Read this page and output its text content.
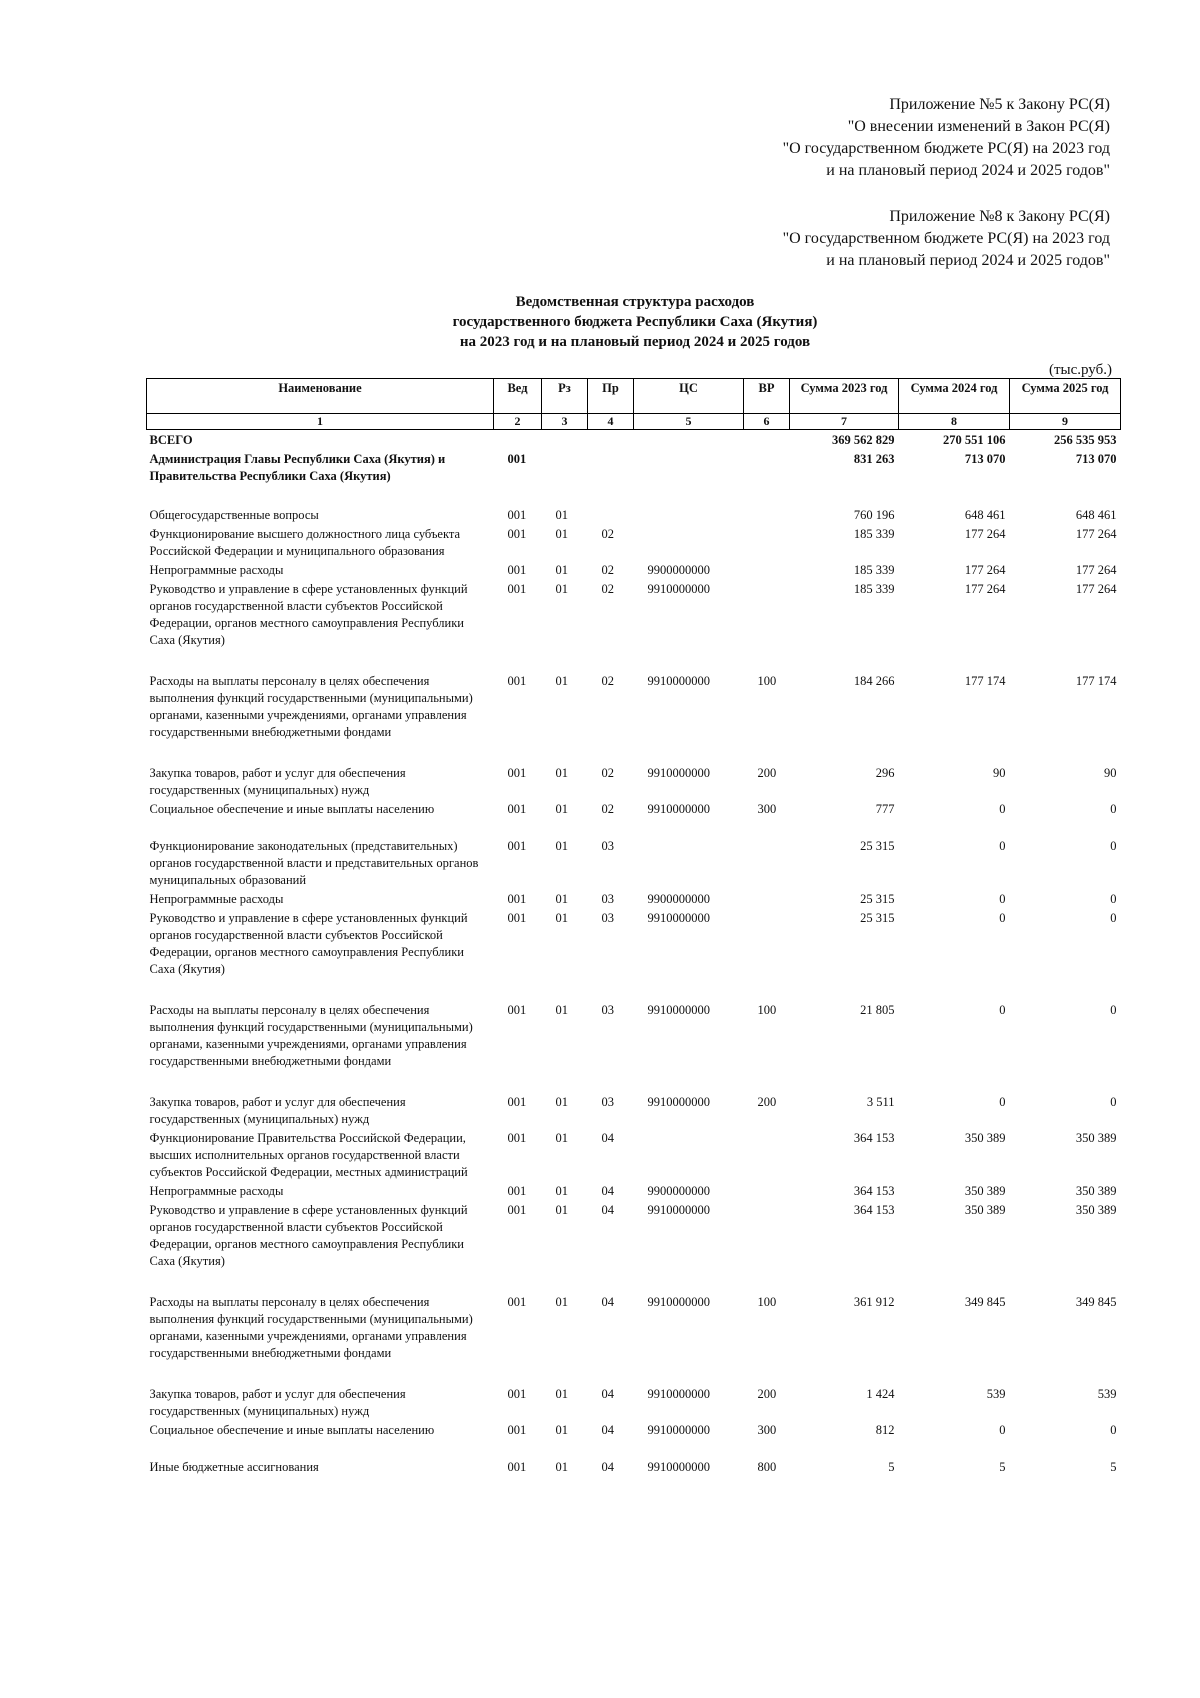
Приложение №5 к Закону РС(Я)
"О внесении изменений в Закон РС(Я)
"О государственном бюджете РС(Я) на 2023 год
и на плановый период 2024 и 2025 годов"
Приложение №8 к Закону РС(Я)
"О государственном бюджете РС(Я) на 2023 год
и на плановый период 2024 и 2025 годов"
Ведомственная структура расходов
государственного бюджета Республики Саха (Якутия)
на 2023 год и на плановый период 2024 и 2025 годов
(тыс.руб.)
Наименование	Вед	Рз	Пр	ЦС	ВР	Сумма 2023 год	Сумма 2024 год	Сумма 2025 год
1	2	3	4	5	6	7	8	9
ВСЕГО						369 562 829	270 551 106	256 535 953
Администрация Главы Республики Саха (Якутия) и Правительства Республики Саха (Якутия)	001					831 263	713 070	713 070
Общегосударственные вопросы	001	01				760 196	648 461	648 461
Функционирование высшего должностного лица субъекта Российской Федерации и муниципального образования	001	01	02			185 339	177 264	177 264
Непрограммные расходы	001	01	02	9900000000		185 339	177 264	177 264
Руководство и управление в сфере установленных функций органов государственной власти субъектов Российской Федерации, органов местного самоуправления Республики Саха (Якутия)	001	01	02	9910000000		185 339	177 264	177 264
Расходы на выплаты персоналу в целях обеспечения выполнения функций государственными (муниципальными) органами, казенными учреждениями, органами управления государственными внебюджетными фондами	001	01	02	9910000000	100	184 266	177 174	177 174
Закупка товаров, работ и услуг для обеспечения государственных (муниципальных) нужд	001	01	02	9910000000	200	296	90	90
Социальное обеспечение и иные выплаты населению	001	01	02	9910000000	300	777	0	0
Функционирование законодательных (представительных) органов государственной власти и представительных органов муниципальных образований	001	01	03			25 315	0	0
Непрограммные расходы	001	01	03	9900000000		25 315	0	0
Руководство и управление в сфере установленных функций органов государственной власти субъектов Российской Федерации, органов местного самоуправления Республики Саха (Якутия)	001	01	03	9910000000		25 315	0	0
Расходы на выплаты персоналу в целях обеспечения выполнения функций государственными (муниципальными) органами, казенными учреждениями, органами управления государственными внебюджетными фондами	001	01	03	9910000000	100	21 805	0	0
Закупка товаров, работ и услуг для обеспечения государственных (муниципальных) нужд	001	01	03	9910000000	200	3 511	0	0
Функционирование Правительства Российской Федерации, высших исполнительных органов государственной власти субъектов Российской Федерации, местных администраций	001	01	04			364 153	350 389	350 389
Непрограммные расходы	001	01	04	9900000000		364 153	350 389	350 389
Руководство и управление в сфере установленных функций органов государственной власти субъектов Российской Федерации, органов местного самоуправления Республики Саха (Якутия)	001	01	04	9910000000		364 153	350 389	350 389
Расходы на выплаты персоналу в целях обеспечения выполнения функций государственными (муниципальными) органами, казенными учреждениями, органами управления государственными внебюджетными фондами	001	01	04	9910000000	100	361 912	349 845	349 845
Закупка товаров, работ и услуг для обеспечения государственных (муниципальных) нужд	001	01	04	9910000000	200	1 424	539	539
Социальное обеспечение и иные выплаты населению	001	01	04	9910000000	300	812	0	0
Иные бюджетные ассигнования	001	01	04	9910000000	800	5	5	5
